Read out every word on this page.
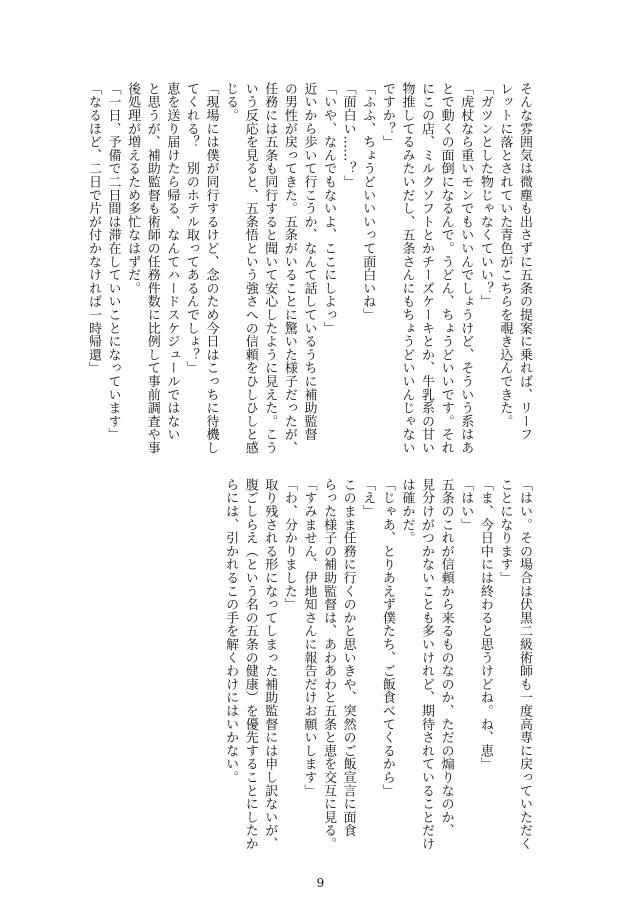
そんな雰囲気は微塵も出さずに五条の提案に乗れば、リーフ

レットに落とされていた青色がこちらを覗き込んできた。

「ガツンとした物じゃなくていい？」

「虎杖なら重いモンでもいいんでしょうけど、そういう系はあ

とで動くの面倒になるんで。うどん、ちょうどいいです。それ

にこの店、ミルクソフトとかチーズケーキとか、牛乳系の甘い

物推してるみたいだし、五条さんにもちょうどいいんじゃない

ですか？」

「ふふ、ちょうどいいいって面白いね」

「面白い……？」

「いや、なんでもないよ、ここにしよっ」

近いから歩いて行こうか、なんて話しているうちに補助監督

の男性が戻ってきた。五条がいることに驚いた様子だったが、

任務には五条も同行すると聞いて安心したように見えた。こう

いう反応を見ると、五条悟という強さへの信頼をひしひしと感

じる。

「現場には僕が同行するけど、念のため今日はこっちに待機し

てくれる？　別のホテル取ってあるんでしょ？」

恵を送り届けたら帰る、なんてハードスケジュールではない

と思うが、補助監督も術師の任務件数に比例して事前調査や事

後処理が増えるため多忙なはずだ。

「一日、予備で二日間は滞在していいことになっています」

「なるほど、二日で片が付かなければ一時帰還」

「はい。その場合は伏黒二級術師も一度高専に戻っていただく

ことになります」

「ま、今日中には終わると思うけどね。ね、恵」

「はい」

五条のこれが信頼から来るものなのか、ただの煽りなのか、

見分けがつかないことも多いけれど、期待されていることだけ

は確かだ。

「じゃあ、とりあえず僕たち、ご飯食べてくるから」

「え」

このまま任務に行くのかと思いきや、突然のご飯宣言に面食

らった様子の補助監督は、あわあわと五条と恵を交互に見る。

「すみません、伊地知さんに報告だけお願いします」

「わ、分かりました」

取り残される形になってしまった補助監督には申し訳ないが、

腹ごしらえ（という名の五条の健康）を優先することにしたか

らには、引かれるこの手を解くわけにはいかない。

9
